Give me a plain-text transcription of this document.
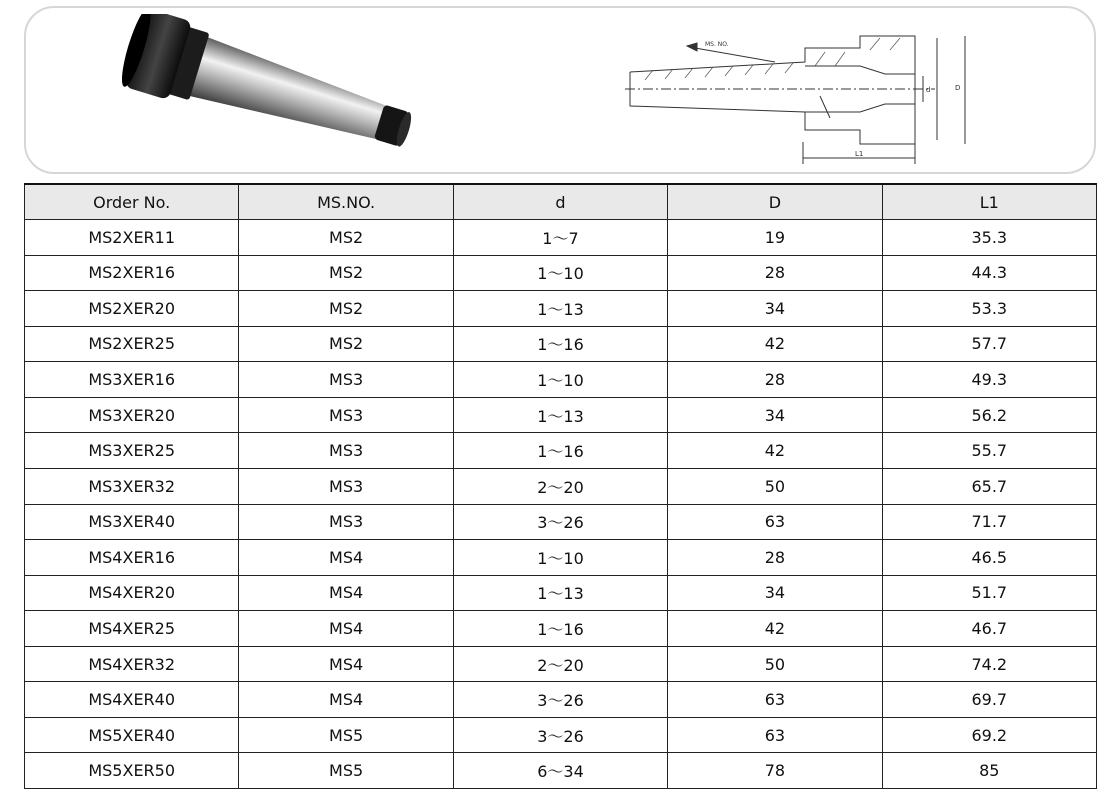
MS. NO.
d	D
L1
Order No.	MS.NO.	d	D	L1
MS2XER11	MS2	1～7	19	35.3
MS2XER16	MS2	1～10	28	44.3
MS2XER20	MS2	1～13	34	53.3
MS2XER25	MS2	1～16	42	57.7
MS3XER16	MS3	1～10	28	49.3
MS3XER20	MS3	1～13	34	56.2
MS3XER25	MS3	1～16	42	55.7
MS3XER32	MS3	2～20	50	65.7
MS3XER40	MS3	3～26	63	71.7
MS4XER16	MS4	1～10	28	46.5
MS4XER20	MS4	1～13	34	51.7
MS4XER25	MS4	1～16	42	46.7
MS4XER32	MS4	2～20	50	74.2
MS4XER40	MS4	3～26	63	69.7
MS5XER40	MS5	3～26	63	69.2
MS5XER50	MS5	6～34	78	85
